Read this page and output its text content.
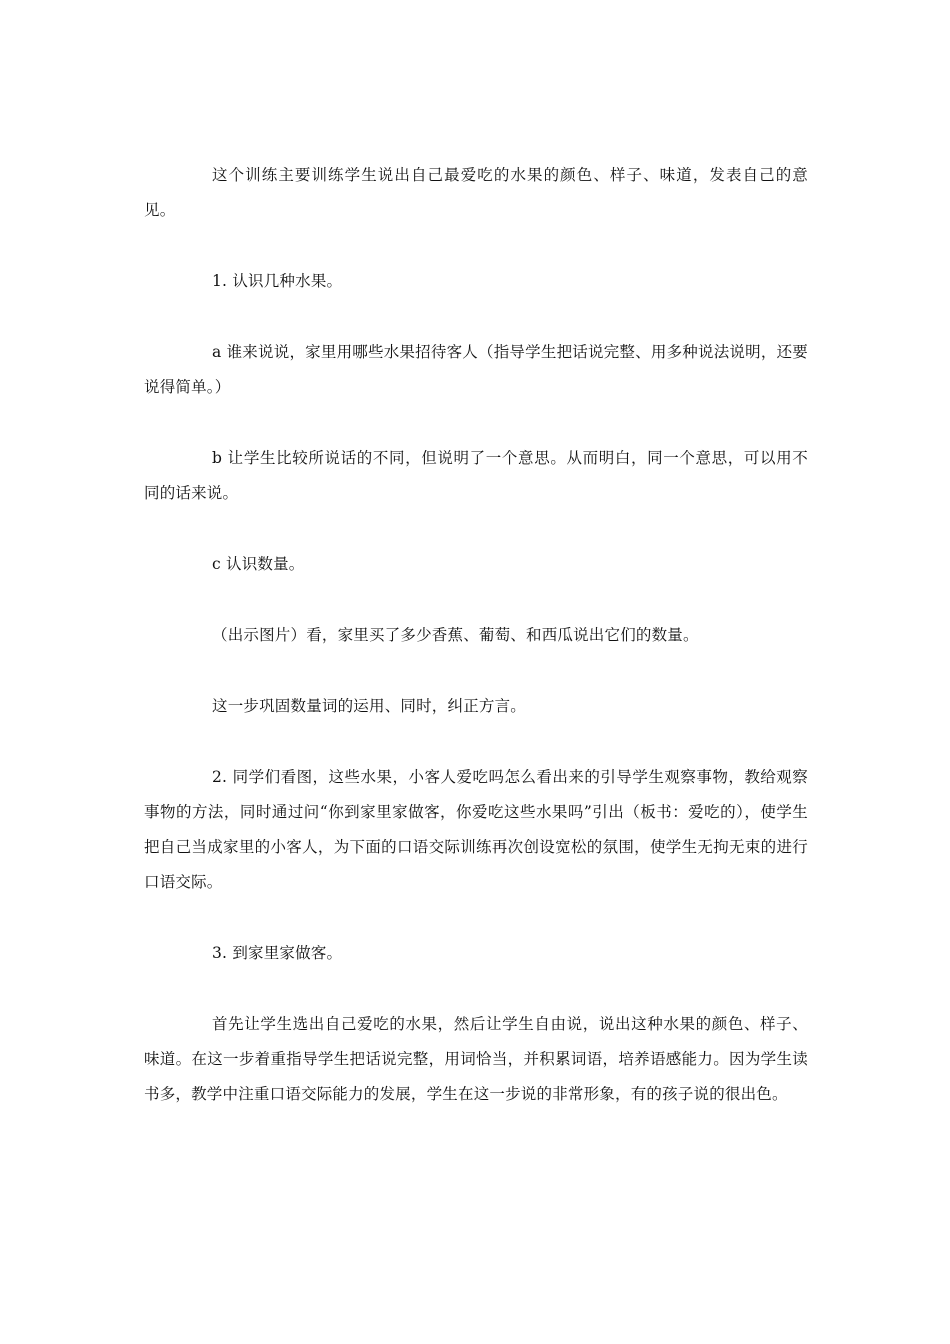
这个训练主要训练学生说出自己最爱吃的水果的颜色、样子、味道，发表自己的意见。

1. 认识几种水果。

a 谁来说说，家里用哪些水果招待客人（指导学生把话说完整、用多种说法说明，还要说得简单。）

b 让学生比较所说话的不同，但说明了一个意思。从而明白，同一个意思，可以用不同的话来说。

c 认识数量。

（出示图片）看，家里买了多少香蕉、葡萄、和西瓜说出它们的数量。

这一步巩固数量词的运用、同时，纠正方言。

2. 同学们看图，这些水果，小客人爱吃吗怎么看出来的引导学生观察事物，教给观察事物的方法，同时通过问“你到家里家做客，你爱吃这些水果吗”引出（板书：爱吃的），使学生把自己当成家里的小客人，为下面的口语交际训练再次创设宽松的氛围，使学生无拘无束的进行口语交际。

3. 到家里家做客。

首先让学生选出自己爱吃的水果，然后让学生自由说，说出这种水果的颜色、样子、味道。在这一步着重指导学生把话说完整，用词恰当，并积累词语，培养语感能力。因为学生读书多，教学中注重口语交际能力的发展，学生在这一步说的非常形象，有的孩子说的很出色。
